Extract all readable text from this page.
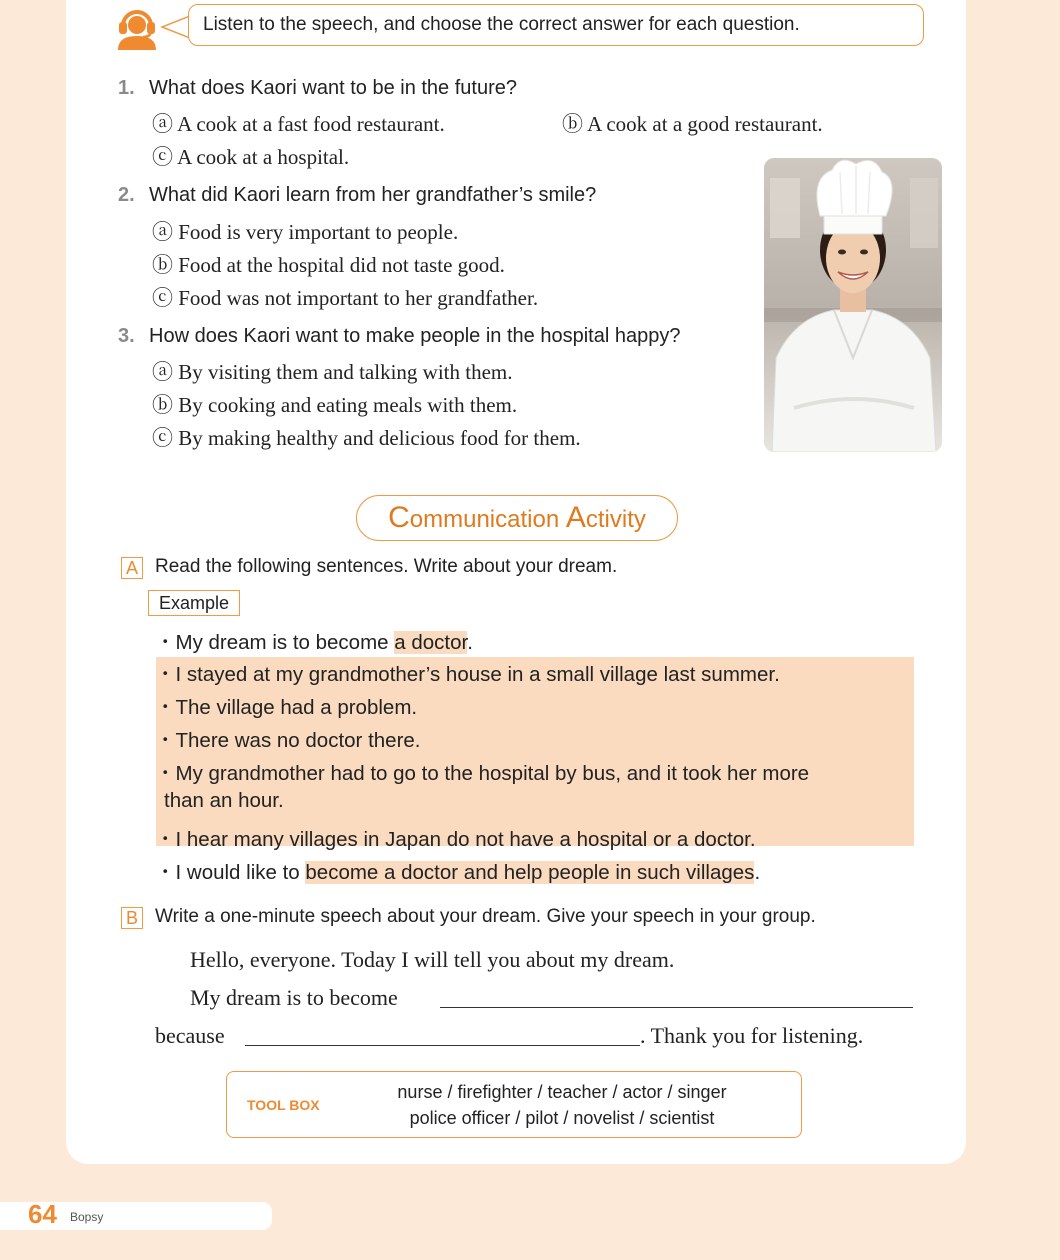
Listen to the speech, and choose the correct answer for each question.
1. What does Kaori want to be in the future?
ⓐ A cook at a fast food restaurant.	ⓑ A cook at a good restaurant.
ⓒ A cook at a hospital.
2. What did Kaori learn from her grandfather’s smile?
ⓐ Food is very important to people.
ⓑ Food at the hospital did not taste good.
ⓒ Food was not important to her grandfather.
3. How does Kaori want to make people in the hospital happy?
ⓐ By visiting them and talking with them.
ⓑ By cooking and eating meals with them.
ⓒ By making healthy and delicious food for them.
Communication Activity
A Read the following sentences. Write about your dream.
Example
・My dream is to become a doctor.
・I stayed at my grandmother’s house in a small village last summer.
・The village had a problem.
・There was no doctor there.
・My grandmother had to go to the hospital by bus, and it took her more
than an hour.
・I hear many villages in Japan do not have a hospital or a doctor.
・I would like to become a doctor and help people in such villages.
B Write a one-minute speech about your dream. Give your speech in your group.
Hello, everyone. Today I will tell you about my dream.
My dream is to become
because	. Thank you for listening.
TOOL BOX
nurse / firefighter / teacher / actor / singer
police officer / pilot / novelist / scientist
64 Bopsy
